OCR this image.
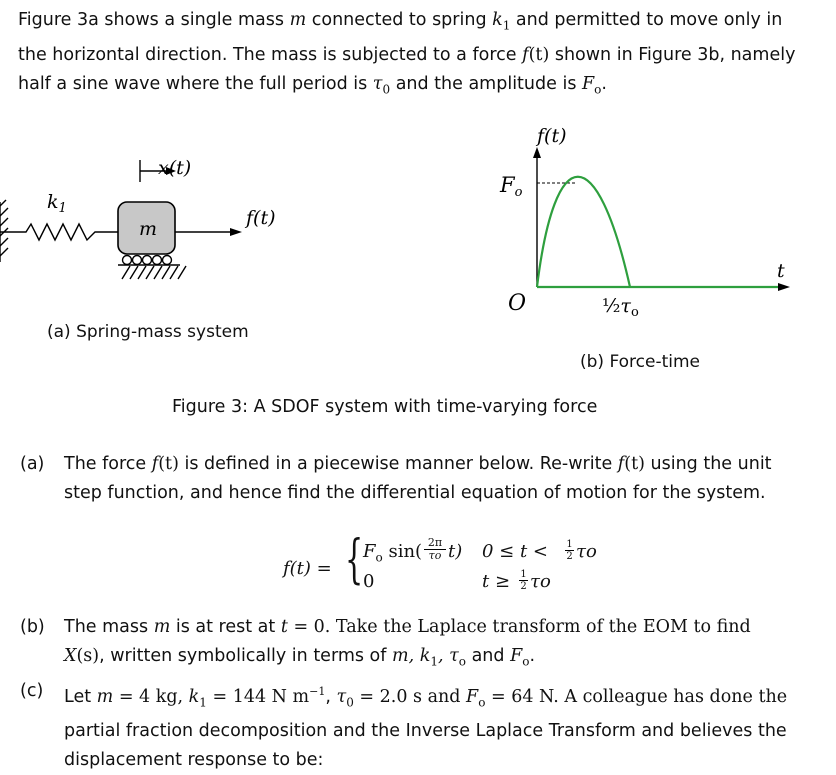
Figure 3a shows a single mass m connected to spring $k_1$ and permitted to move only in
the horizontal direction. The mass is subjected to a force f(t) shown in Figure 3b, namely
half a sine wave where the full period is $\tau_0$ and the amplitude is $F_o$.
x(t)
$k_1$
m	f(t)
(a) Spring-mass system
f(t)
Fo
O
t
$\frac{1}{2}\tau_o$
(b) Force-time
Figure 3: A SDOF system with time-varying force
(a) The force f(t) is defined in a piecewise manner below. Re-write f(t) using the unit
step function, and hence find the differential equation of motion for the system.
f(t) = { $F_o$ sin( 2π
τo t) 0 ≤ t < 1
2 τo
0	t ≥ 1
2 τo
(b) The mass m is at rest at t = 0. Take the Laplace transform of the EOM to find
X(s), written symbolically in terms of m, $k_1$, $\tau_o$ and $F_o$.
(c) Let m = 4 kg, $k_1 = 144$ N $m^{-1}$, $\tau_0 = 2.0$ s and $F_o = 64$ N. A colleague has done the
partial fraction decomposition and the Inverse Laplace Transform and believes the
displacement response to be:
